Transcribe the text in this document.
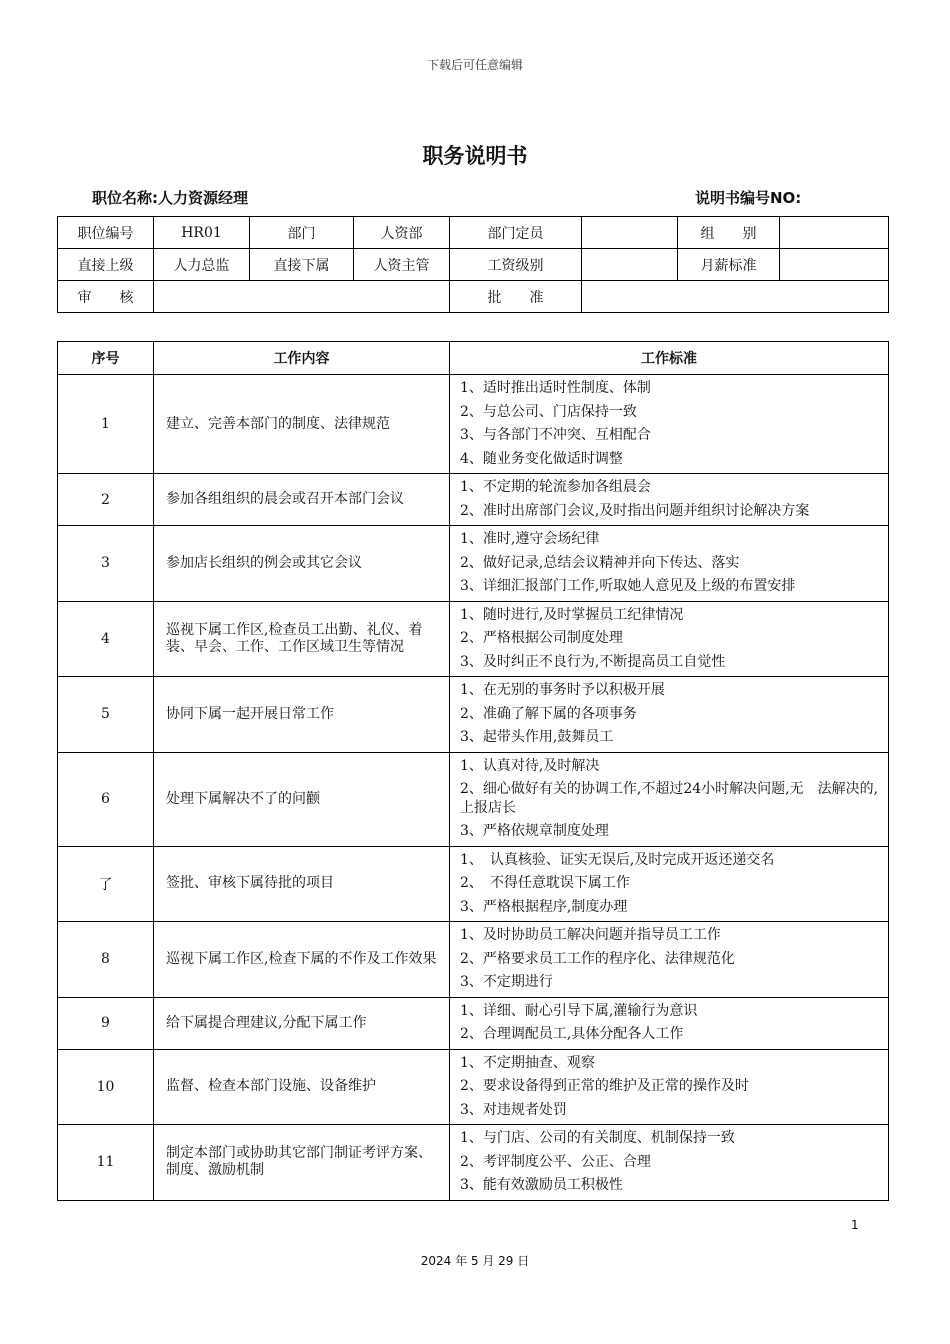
下载后可任意编辑
职务说明书
职位名称:人力资源经理	说明书编号NO:
职位编号	HR01	部门	人资部	部门定员		组　　别	
直接上级	人力总监	直接下属	人资主管	工资级别		月薪标准	
审　　核				批　　准			
序号	工作内容	工作标准
1	建立、完善本部门的制度、法律规范	1、适时推出适时性制度、体制
2、与总公司、门店保持一致
3、与各部门不冲突、互相配合
4、随业务变化做适时调整

2	参加各组组织的晨会或召开本部门会议	1、不定期的轮流参加各组晨会
2、准时出席部门会议,及时指出问题并组织讨论解决方案

3	参加店长组织的例会或其它会议	1、准时,遵守会场纪律
2、做好记录,总结会议精神并向下传达、落实
3、详细汇报部门工作,听取她人意见及上级的布置安排

4	巡视下属工作区,检查员工出勤、礼仪、着装、早会、工作、工作区域卫生等情况	1、随时进行,及时掌握员工纪律情况
2、严格根据公司制度处理
3、及时纠正不良行为,不断提高员工自觉性

5	协同下属一起开展日常工作	1、在无别的事务时予以积极开展
2、准确了解下属的各项事务
3、起带头作用,鼓舞员工

6	处理下属解决不了的问颧	1、认真对待,及时解决
2、细心做好有关的协调工作,不超过24小时解决问题,无　法解决的,上报店长
3、严格依规章制度处理

了	签批、审核下属待批的项目	1、　认真核验、证实无误后,及时完成开返还递交名
2、　不得任意耽误下属工作
3、严格根据程序,制度办理

8	巡视下属工作区,检查下属的不作及工作效果	1、及时协助员工解决问题并指导员工工作
2、严格要求员工工作的程序化、法律规范化
3、不定期进行

9	给下属提合理建议,分配下属工作	1、详细、耐心引导下属,灌输行为意识
2、合理调配员工,具体分配各人工作

10	监督、检查本部门设施、设备维护	1、不定期抽查、观察
2、要求设备得到正常的维护及正常的操作及时
3、对违规者处罚

11	制定本部门或协助其它部门制证考评方案、制度、激励机制	1、与门店、公司的有关制度、机制保持一致
2、考评制度公平、公正、合理
3、能有效激励员工积极性
1
2024 年 5 月 29 日
